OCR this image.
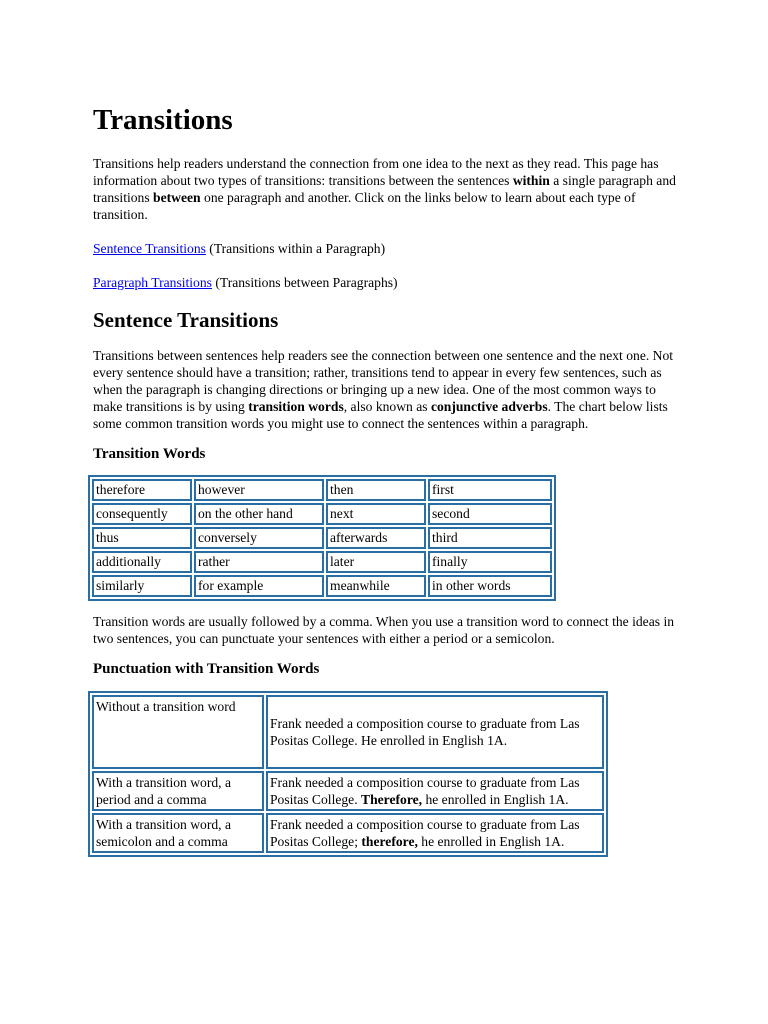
Transitions

Transitions help readers understand the connection from one idea to the next as they read. This page has information about two types of transitions: transitions between the sentences within a single paragraph and transitions between one paragraph and another. Click on the links below to learn about each type of transition.

Sentence Transitions (Transitions within a Paragraph)

Paragraph Transitions (Transitions between Paragraphs)

Sentence Transitions

Transitions between sentences help readers see the connection between one sentence and the next one. Not every sentence should have a transition; rather, transitions tend to appear in every few sentences, such as when the paragraph is changing directions or bringing up a new idea. One of the most common ways to make transitions is by using transition words, also known as conjunctive adverbs. The chart below lists some common transition words you might use to connect the sentences within a paragraph.

Transition Words
therefore	however	then	first
consequently	on the other hand	next	second
thus	conversely	afterwards	third
additionally	rather	later	finally
similarly	for example	meanwhile	in other words

Transition words are usually followed by a comma. When you use a transition word to connect the ideas in two sentences, you can punctuate your sentences with either a period or a semicolon.

Punctuation with Transition Words
Without a transition word	Frank needed a composition course to graduate from Las Positas College. He enrolled in English 1A.
With a transition word, a period and a comma	Frank needed a composition course to graduate from Las Positas College. Therefore, he enrolled in English 1A.
With a transition word, a semicolon and a comma	Frank needed a composition course to graduate from Las Positas College; therefore, he enrolled in English 1A.
